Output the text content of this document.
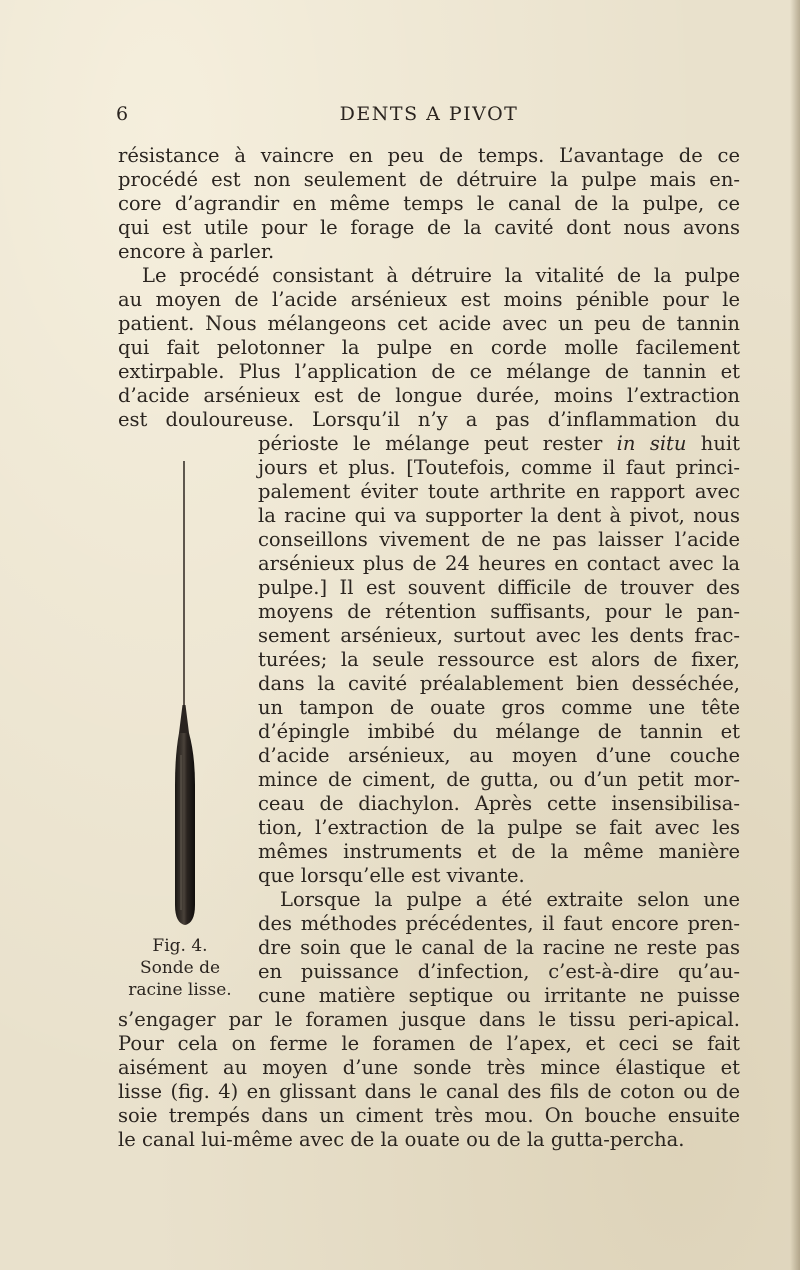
6	DENTS A PIVOT
résistance à vaincre en peu de temps. L’avantage de ce
procédé est non seulement de détruire la pulpe mais en-
core d’agrandir en même temps le canal de la pulpe, ce
qui est utile pour le forage de la cavité dont nous avons
encore à parler.
Le procédé consistant à détruire la vitalité de la pulpe
au moyen de l’acide arsénieux est moins pénible pour le
patient. Nous mélangeons cet acide avec un peu de tannin
qui fait pelotonner la pulpe en corde molle facilement
extirpable. Plus l’application de ce mélange de tannin et
d’acide arsénieux est de longue durée, moins l’extraction
est douloureuse. Lorsqu’il n’y a pas d’inflammation du
périoste le mélange peut rester in situ huit
jours et plus. [Toutefois, comme il faut princi-
palement éviter toute arthrite en rapport avec
la racine qui va supporter la dent à pivot, nous
conseillons vivement de ne pas laisser l’acide
arsénieux plus de 24 heures en contact avec la
pulpe.] Il est souvent difficile de trouver des
moyens de rétention suffisants, pour le pan-
sement arsénieux, surtout avec les dents frac-
turées; la seule ressource est alors de fixer,
dans la cavité préalablement bien desséchée,
un tampon de ouate gros comme une tête
d’épingle imbibé du mélange de tannin et
d’acide arsénieux, au moyen d’une couche
mince de ciment, de gutta, ou d’un petit mor-
ceau de diachylon. Après cette insensibilisa-
tion, l’extraction de la pulpe se fait avec les
mêmes instruments et de la même manière
que lorsqu’elle est vivante.
Lorsque la pulpe a été extraite selon une
des méthodes précédentes, il faut encore pren-
dre soin que le canal de la racine ne reste pas
en puissance d’infection, c’est-à-dire qu’au-
cune matière septique ou irritante ne puisse
s’engager par le foramen jusque dans le tissu peri-apical.
Pour cela on ferme le foramen de l’apex, et ceci se fait
aisément au moyen d’une sonde très mince élastique et
lisse (fig. 4) en glissant dans le canal des fils de coton ou de
soie trempés dans un ciment très mou. On bouche ensuite
le canal lui-même avec de la ouate ou de la gutta-percha.
Fig. 4.
Sonde de
racine lisse.
